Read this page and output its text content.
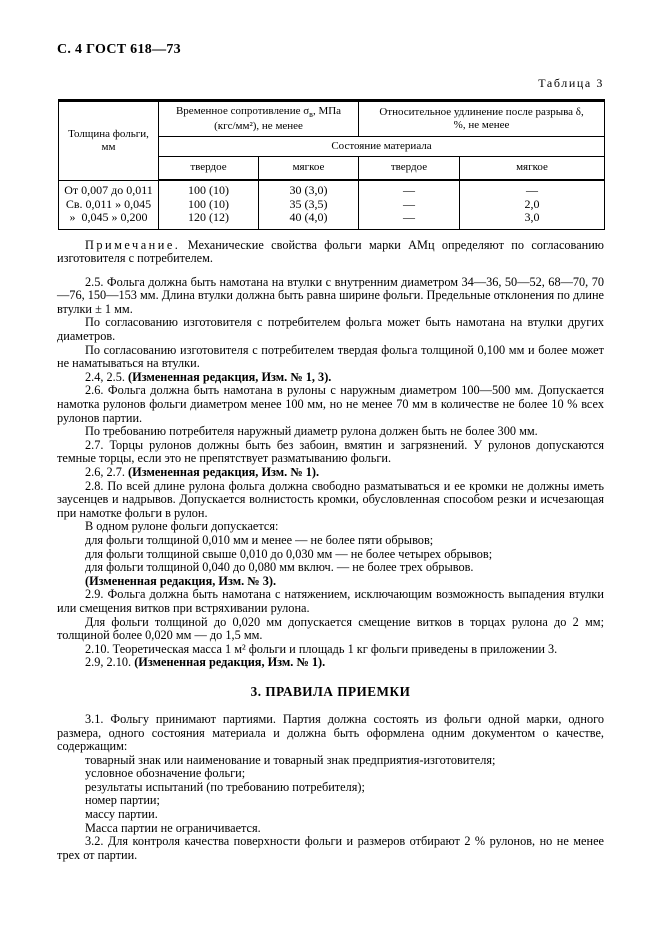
С. 4 ГОСТ 618—73
Таблица 3
Толщина фольги, мм	Временное сопротивление $\sigma_в$, МПа
(кгс/мм²), не менее		Относительное удлинение после разрыва δ,
%, не менее	
	Состояние материала			
	твердое	мягкое	твердое	мягкое
От 0,007 до 0,011	100 (10)	30 (3,0)	—	—
Св. 0,011 » 0,045	100 (10)	35 (3,5)	—	2,0
»  0,045 » 0,200	120 (12)	40 (4,0)	—	3,0

Примечание. Механические свойства фольги марки АМц определяют по согласованию изготовителя с потребителем.

2.5. Фольга должна быть намотана на втулки с внутренним диаметром 34—36, 50—52, 68—70, 70—76, 150—153 мм. Длина втулки должна быть равна ширине фольги. Предельные отклонения по длине втулки ± 1 мм.

По согласованию изготовителя с потребителем фольга может быть намотана на втулки других диаметров.

По согласованию изготовителя с потребителем твердая фольга толщиной 0,100 мм и более может не наматываться на втулки.

2.4, 2.5. (Измененная редакция, Изм. № 1, 3).

2.6. Фольга должна быть намотана в рулоны с наружным диаметром 100—500 мм. Допускается намотка рулонов фольги диаметром менее 100 мм, но не менее 70 мм в количестве не более 10 % всех рулонов партии.

По требованию потребителя наружный диаметр рулона должен быть не более 300 мм.

2.7. Торцы рулонов должны быть без забоин, вмятин и загрязнений. У рулонов допускаются темные торцы, если это не препятствует разматыванию фольги.

2.6, 2.7. (Измененная редакция, Изм. № 1).

2.8. По всей длине рулона фольга должна свободно разматываться и ее кромки не должны иметь заусенцев и надрывов. Допускается волнистость кромки, обусловленная способом резки и исчезающая при намотке фольги в рулон.

В одном рулоне фольги допускается:

для фольги толщиной 0,010 мм и менее — не более пяти обрывов;

для фольги толщиной свыше 0,010 до 0,030 мм — не более четырех обрывов;

для фольги толщиной 0,040 до 0,080 мм включ. — не более трех обрывов.

(Измененная редакция, Изм. № 3).

2.9. Фольга должна быть намотана с натяжением, исключающим возможность выпадения втулки или смещения витков при встряхивании рулона.

Для фольги толщиной до 0,020 мм допускается смещение витков в торцах рулона до 2 мм; толщиной более 0,020 мм — до 1,5 мм.

2.10. Теоретическая масса 1 м² фольги и площадь 1 кг фольги приведены в приложении 3.

2.9, 2.10. (Измененная редакция, Изм. № 1).

3. ПРАВИЛА ПРИЕМКИ

3.1. Фольгу принимают партиями. Партия должна состоять из фольги одной марки, одного размера, одного состояния материала и должна быть оформлена одним документом о качестве, содержащим:

товарный знак или наименование и товарный знак предприятия-изготовителя;

условное обозначение фольги;

результаты испытаний (по требованию потребителя);

номер партии;

массу партии.

Масса партии не ограничивается.

3.2. Для контроля качества поверхности фольги и размеров отбирают 2 % рулонов, но не менее трех от партии.
